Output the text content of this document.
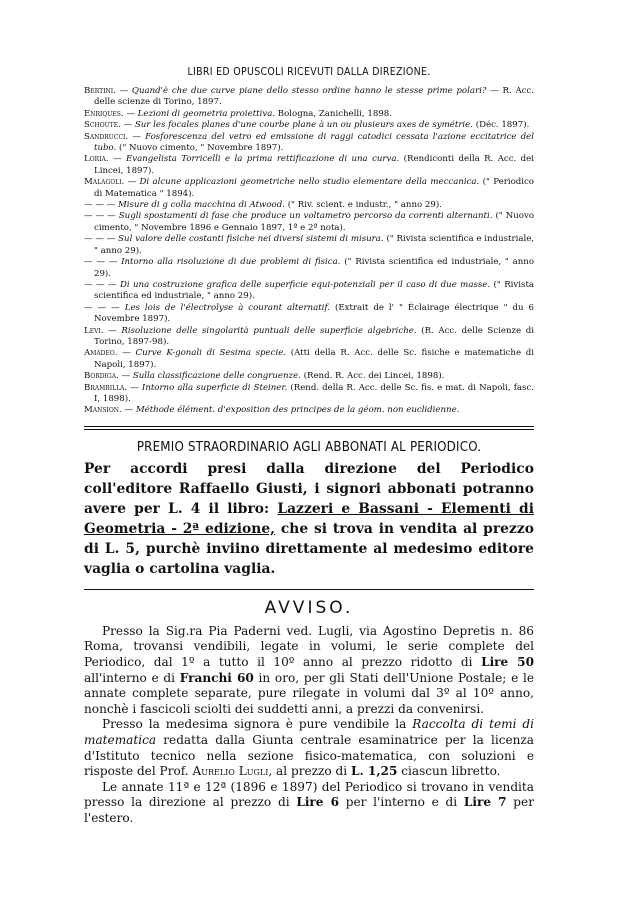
LIBRI ED OPUSCOLI RICEVUTI DALLA DIREZIONE.
Bertini. — Quand'è che due curve piane dello stesso ordine hanno le stesse prime polari? — R. Acc. delle scienze di Torino, 1897.
Enriques. — Lezioni di geometria proiettiva. Bologna, Zanichelli, 1898.
Schoute. — Sur les focales planes d'une courbe plane à un ou plusieurs axes de symétrie. (Déc. 1897).
Sandrucci. — Fosforescenza del vetro ed emissione di raggi catodici cessata l'azione eccitatrice del tubo. (" Nuovo cimento, " Novembre 1897).
Loria. — Evangelista Torricelli e la prima rettificazione di una curva. (Rendiconti della R. Acc. dei Lincei, 1897).
Malagoli. — Di alcune applicazioni geometriche nello studio elementare della meccanica. (" Periodico di Matematica " 1894).
— — — Misure di g colla macchina di Atwood. (" Riv. scient. e industr., " anno 29).
— — — Sugli spostamenti di fase che produce un voltametro percorso da correnti alternanti. (" Nuovo cimento, " Novembre 1896 e Gennaio 1897, 1ª e 2ª nota).
— — — Sul valore delle costanti fisiche nei diversi sistemi di misura. (" Rivista scientifica e industriale, " anno 29).
— — — Intorno alla risoluzione di due problemi di fisica. (" Rivista scientifica ed industriale, " anno 29).
— — — Di una costruzione grafica delle superficie equi-potenziali per il caso di due masse. (" Rivista scientifica ed industriale, " anno 29).
— — — Les lois de l'électrolyse à courant alternatif. (Extrait de l' " Éclairage électrique " du 6 Novembre 1897).
Levi. — Risoluzione delle singolarità puntuali delle superficie algebriche. (R. Acc. delle Scienze di Torino, 1897-98).
Amadeo. — Curve K-gonali di Sesima specie. (Atti della R. Acc. delle Sc. fisiche e matematiche di Napoli, 1897).
Bordiga. — Sulla classificazione delle congruenze. (Rend. R. Acc. dei Lincei, 1898).
Brambilla. — Intorno alla superficie di Steiner. (Rend. della R. Acc. delle Sc. fis. e mat. di Napoli, fasc. I, 1898).
Mansion. — Méthode élément. d'exposition des principes de la géom. non euclidienne.
PREMIO STRAORDINARIO AGLI ABBONATI AL PERIODICO.
Per accordi presi dalla direzione del Periodico coll'editore Raffaello Giusti, i signori abbonati potranno avere per L. 4 il libro: Lazzeri e Bassani - Elementi di Geometria - 2ª edizione, che si trova in vendita al prezzo di L. 5, purchè inviino direttamente al medesimo editore vaglia o cartolina vaglia.
AVVISO.

Presso la Sig.ra Pia Paderni ved. Lugli, via Agostino Depretis n. 86 Roma, trovansi vendibili, legate in volumi, le serie complete del Periodico, dal 1º a tutto il 10º anno al prezzo ridotto di Lire 50 all'interno e di Franchi 60 in oro, per gli Stati dell'Unione Postale; e le annate complete separate, pure rilegate in volumi dal 3º al 10º anno, nonchè i fascicoli sciolti dei suddetti anni, a prezzi da convenirsi.

Presso la medesima signora è pure vendibile la Raccolta di temi di matematica redatta dalla Giunta centrale esaminatrice per la licenza d'Istituto tecnico nella sezione fisico-matematica, con soluzioni e risposte del Prof. Aurelio Lugli, al prezzo di L. 1,25 ciascun libretto.

Le annate 11ª e 12ª (1896 e 1897) del Periodico si trovano in vendita presso la direzione al prezzo di Lire 6 per l'interno e di Lire 7 per l'estero.
